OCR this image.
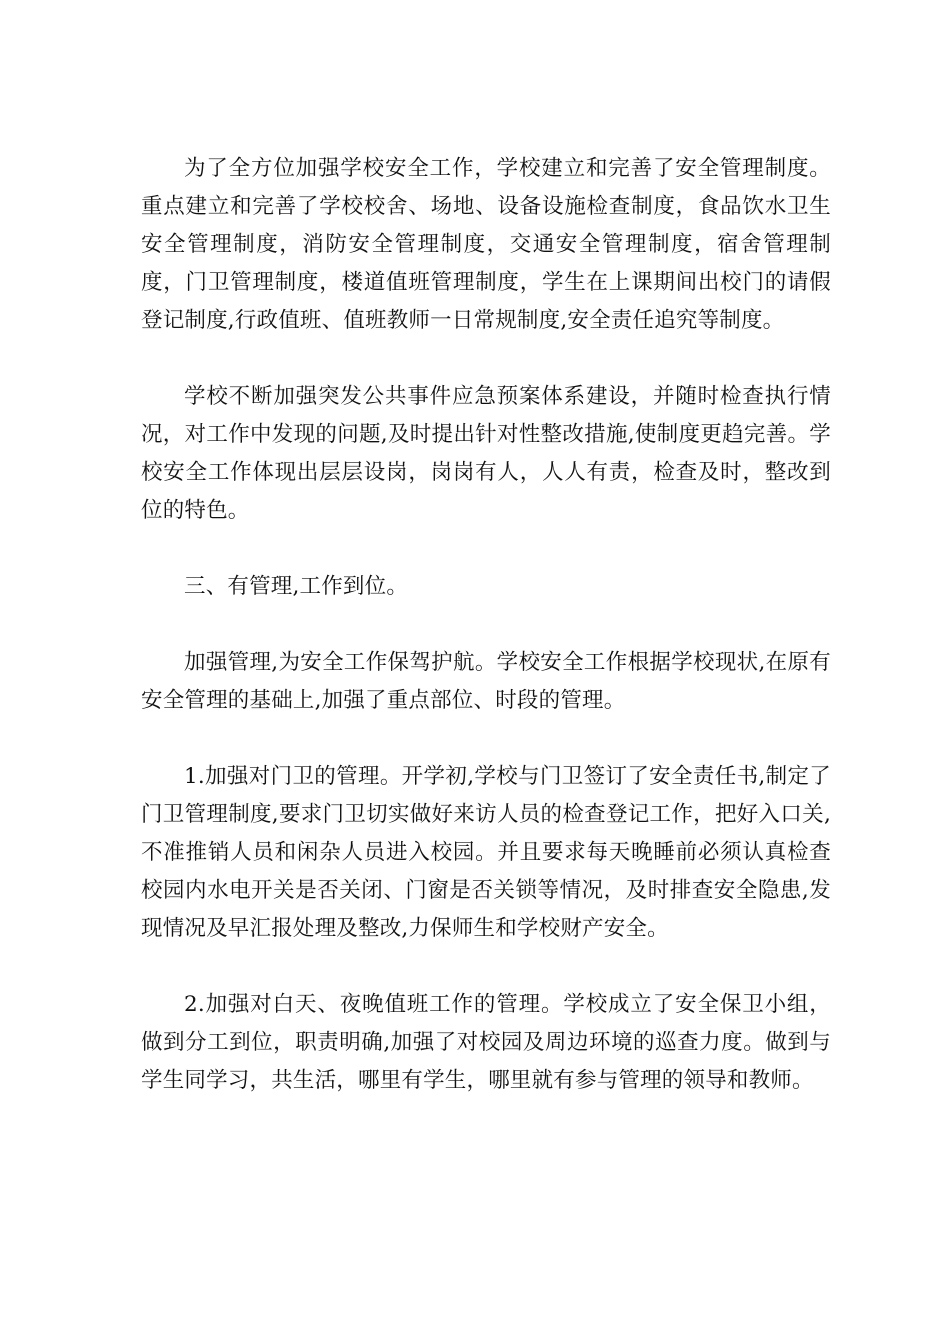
为了全方位加强学校安全工作，学校建立和完善了安全管理制度。重点建立和完善了学校校舍、场地、设备设施检查制度，食品饮水卫生安全管理制度，消防安全管理制度，交通安全管理制度，宿舍管理制度，门卫管理制度，楼道值班管理制度，学生在上课期间出校门的请假登记制度,行政值班、值班教师一日常规制度,安全责任追究等制度。

学校不断加强突发公共事件应急预案体系建设，并随时检查执行情况，对工作中发现的问题,及时提出针对性整改措施,使制度更趋完善。学校安全工作体现出层层设岗，岗岗有人，人人有责，检查及时，整改到位的特色。

三、有管理,工作到位。

加强管理,为安全工作保驾护航。学校安全工作根据学校现状,在原有安全管理的基础上,加强了重点部位、时段的管理。

1.加强对门卫的管理。开学初,学校与门卫签订了安全责任书,制定了门卫管理制度,要求门卫切实做好来访人员的检查登记工作，把好入口关,不准推销人员和闲杂人员进入校园。并且要求每天晚睡前必须认真检查校园内水电开关是否关闭、门窗是否关锁等情况，及时排查安全隐患,发现情况及早汇报处理及整改,力保师生和学校财产安全。

2.加强对白天、夜晚值班工作的管理。学校成立了安全保卫小组，做到分工到位，职责明确,加强了对校园及周边环境的巡查力度。做到与学生同学习，共生活，哪里有学生，哪里就有参与管理的领导和教师。
